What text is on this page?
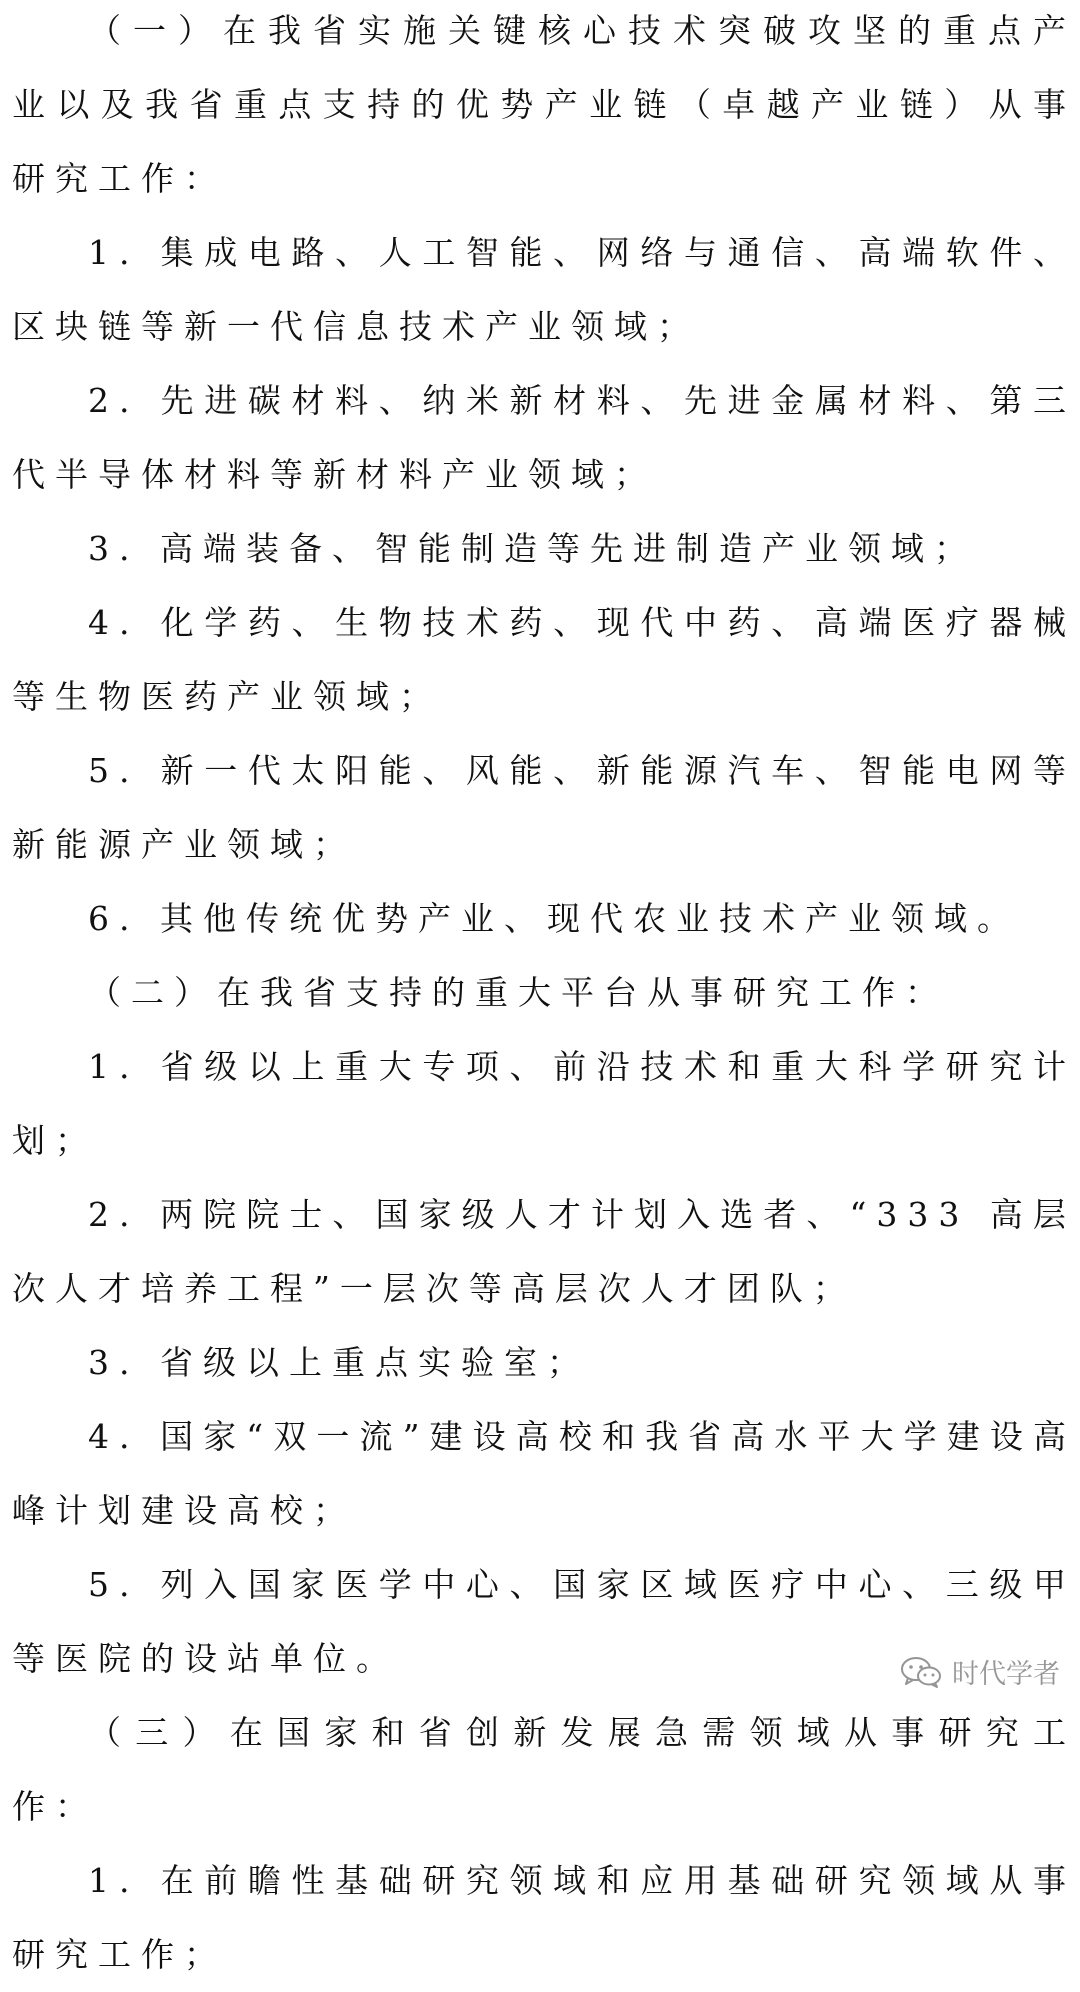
（一）在我省实施关键核心技术突破攻坚的重点产业以及我省重点支持的优势产业链（卓越产业链）从事研究工作：

1. 集成电路、人工智能、网络与通信、高端软件、区块链等新一代信息技术产业领域；

2. 先进碳材料、纳米新材料、先进金属材料、第三代半导体材料等新材料产业领域；

3. 高端装备、智能制造等先进制造产业领域；

4. 化学药、生物技术药、现代中药、高端医疗器械等生物医药产业领域；

5. 新一代太阳能、风能、新能源汽车、智能电网等新能源产业领域；

6. 其他传统优势产业、现代农业技术产业领域。

（二）在我省支持的重大平台从事研究工作：

1. 省级以上重大专项、前沿技术和重大科学研究计划；

2. 两院院士、国家级人才计划入选者、“333 高层次人才培养工程”一层次等高层次人才团队；

3. 省级以上重点实验室；

4. 国家“双一流”建设高校和我省高水平大学建设高峰计划建设高校；

5. 列入国家医学中心、国家区域医疗中心、三级甲等医院的设站单位。

（三）在国家和省创新发展急需领域从事研究工作：

1. 在前瞻性基础研究领域和应用基础研究领域从事研究工作；

时代学者
